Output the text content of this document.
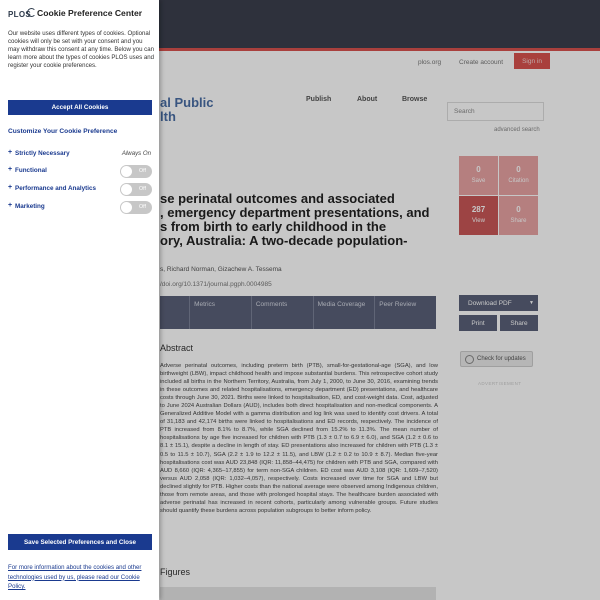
plos.org	Create account	Sign in
al Public
lth
Publish	About	Browse
Search
advanced search
0
Save
0
Citation
287
View
0
Share
se perinatal outcomes and associated
, emergency department presentations, and
s from birth to early childhood in the
ory, Australia: A two-decade population-
s, Richard Norman, Gizachew A. Tessema
/doi.org/10.1371/journal.pgph.0004985
Metrics	Comments	Media Coverage	Peer Review	Download PDF	▼
Print	Share
Check for updates
ADVERTISEMENT
Abstract
Adverse perinatal outcomes, including preterm birth (PTB), small-for-gestational-age (SGA), and low birthweight (LBW), impact childhood health and impose substantial burdens. This retrospective cohort study included all births in the Northern Territory, Australia, from July 1, 2000, to June 30, 2016, examining trends in these outcomes and related hospitalisations, emergency department (ED) presentations, and healthcare costs through June 30, 2021. Births were linked to hospitalisation, ED, and cost-weight data. Cost, adjusted to June 2024 Australian Dollars (AUD), includes both direct hospitalisation and non-medical components. A Generalized Additive Model with a gamma distribution and log link was used to identify cost drivers. A total of 31,183 and 42,174 births were linked to hospitalisations and ED records, respectively. The incidence of PTB increased from 8.1% to 8.7%, while SGA declined from 15.2% to 11.3%. The mean number of hospitalisations by age five increased for children with PTB (1.3 ± 0.7 to 6.9 ± 6.0), and SGA (1.2 ± 0.6 to 8.1 ± 15.1), despite a decline in length of stay. ED presentations also increased for children with PTB (1.3 ± 0.5 to 11.5 ± 10.7), SGA (2.2 ± 1.9 to 12.2 ± 11.5), and LBW (1.2 ± 0.2 to 10.9 ± 8.7). Median five-year hospitalisations cost was AUD 23,848 (IQR: 11,858–44,475) for children with PTB and SGA, compared with AUD 8,660 (IQR: 4,365–17,855) for term non-SGA children. ED cost was AUD 3,108 (IQR: 1,609–7,520) versus AUD 2,058 (IQR: 1,032–4,057), respectively. Costs increased over time for SGA and LBW but declined slightly for PTB. Higher costs than the national average were observed among Indigenous children, those from remote areas, and those with prolonged hospital stays. The healthcare burden associated with adverse perinatal has increased in recent cohorts, particularly among vulnerable groups. Future studies should quantify these burdens across population subgroups to better inform policy.
Figures
PLOS Cookie Preference Center
Our website uses different types of cookies. Optional cookies will only be set with your consent and you may withdraw this consent at any time. Below you can learn more about the types of cookies PLOS uses and register your cookie preferences.
Accept All Cookies
Customize Your Cookie Preference
+ Strictly Necessary	Always On
+ Functional	Off
+ Performance and Analytics	Off
+ Marketing	Off
Save Selected Preferences and Close
For more information about the cookies and other technologies used by us, please read our Cookie Policy.
